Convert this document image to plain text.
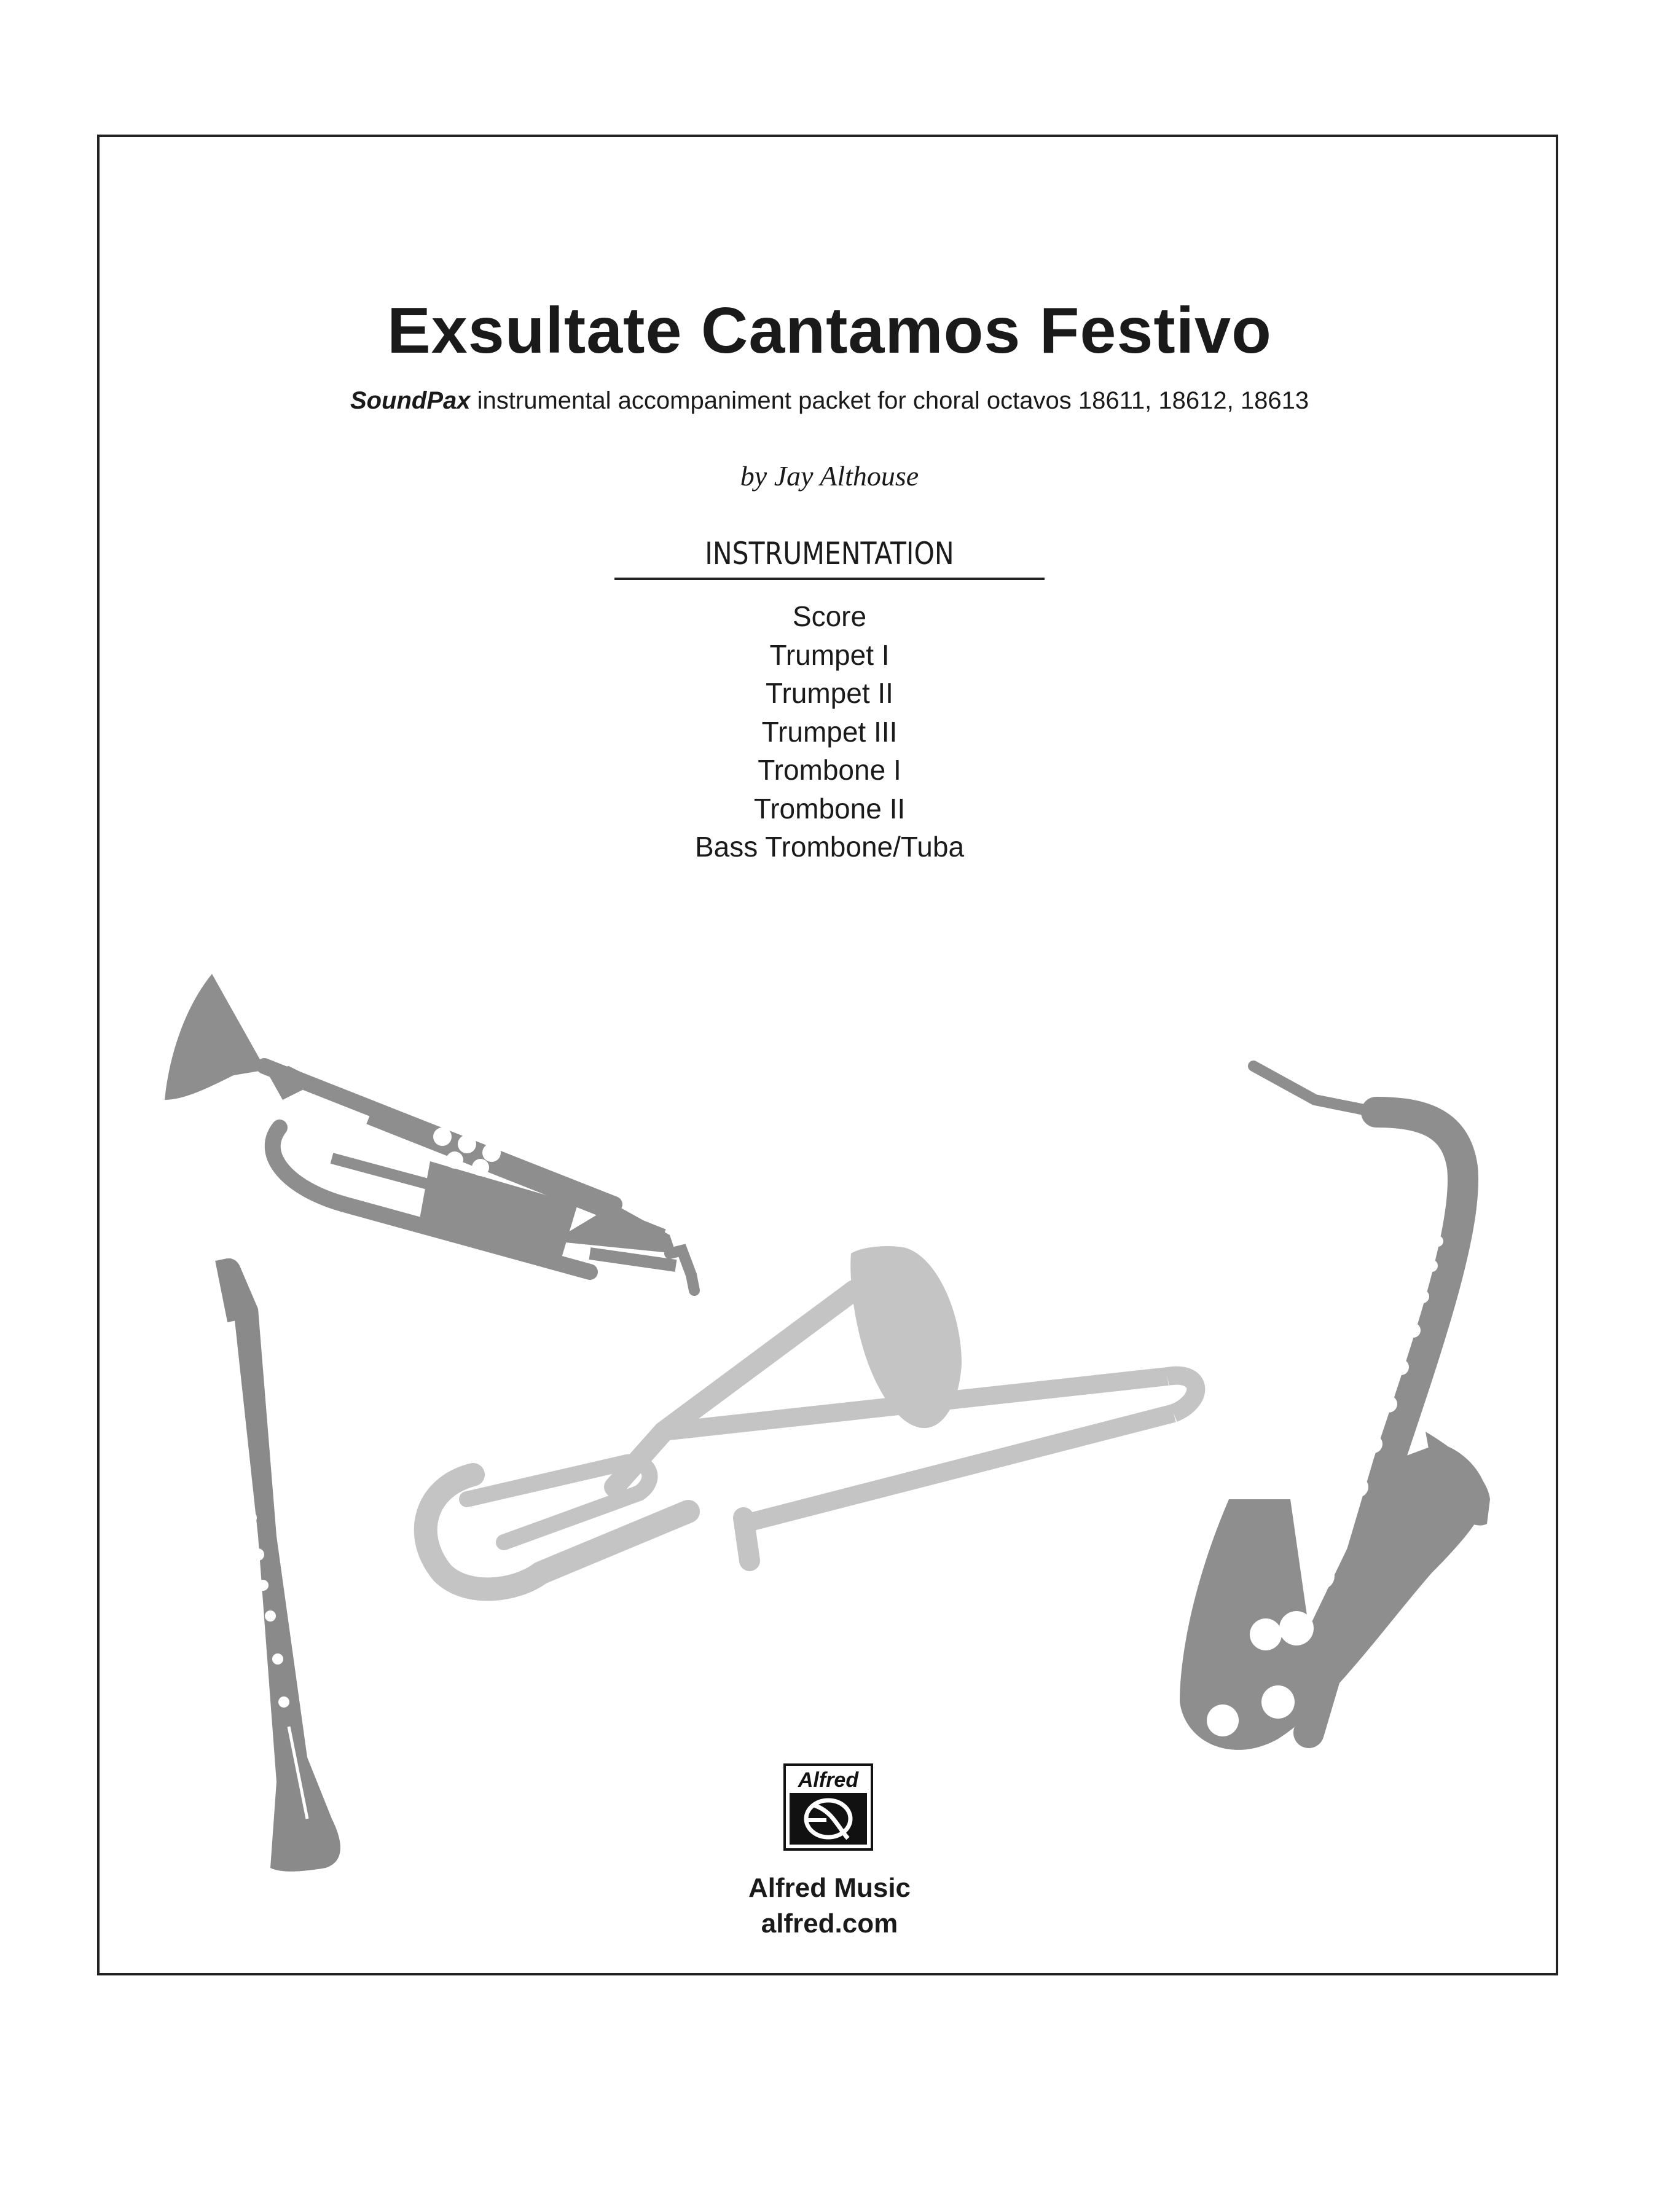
Exsultate Cantamos Festivo
SoundPax instrumental accompaniment packet for choral octavos 18611, 18612, 18613
by Jay Althouse
INSTRUMENTATION
Score
Trumpet I
Trumpet II
Trumpet III
Trombone I
Trombone II
Bass Trombone/Tuba
Alfred
Alfred Music
alfred.com
